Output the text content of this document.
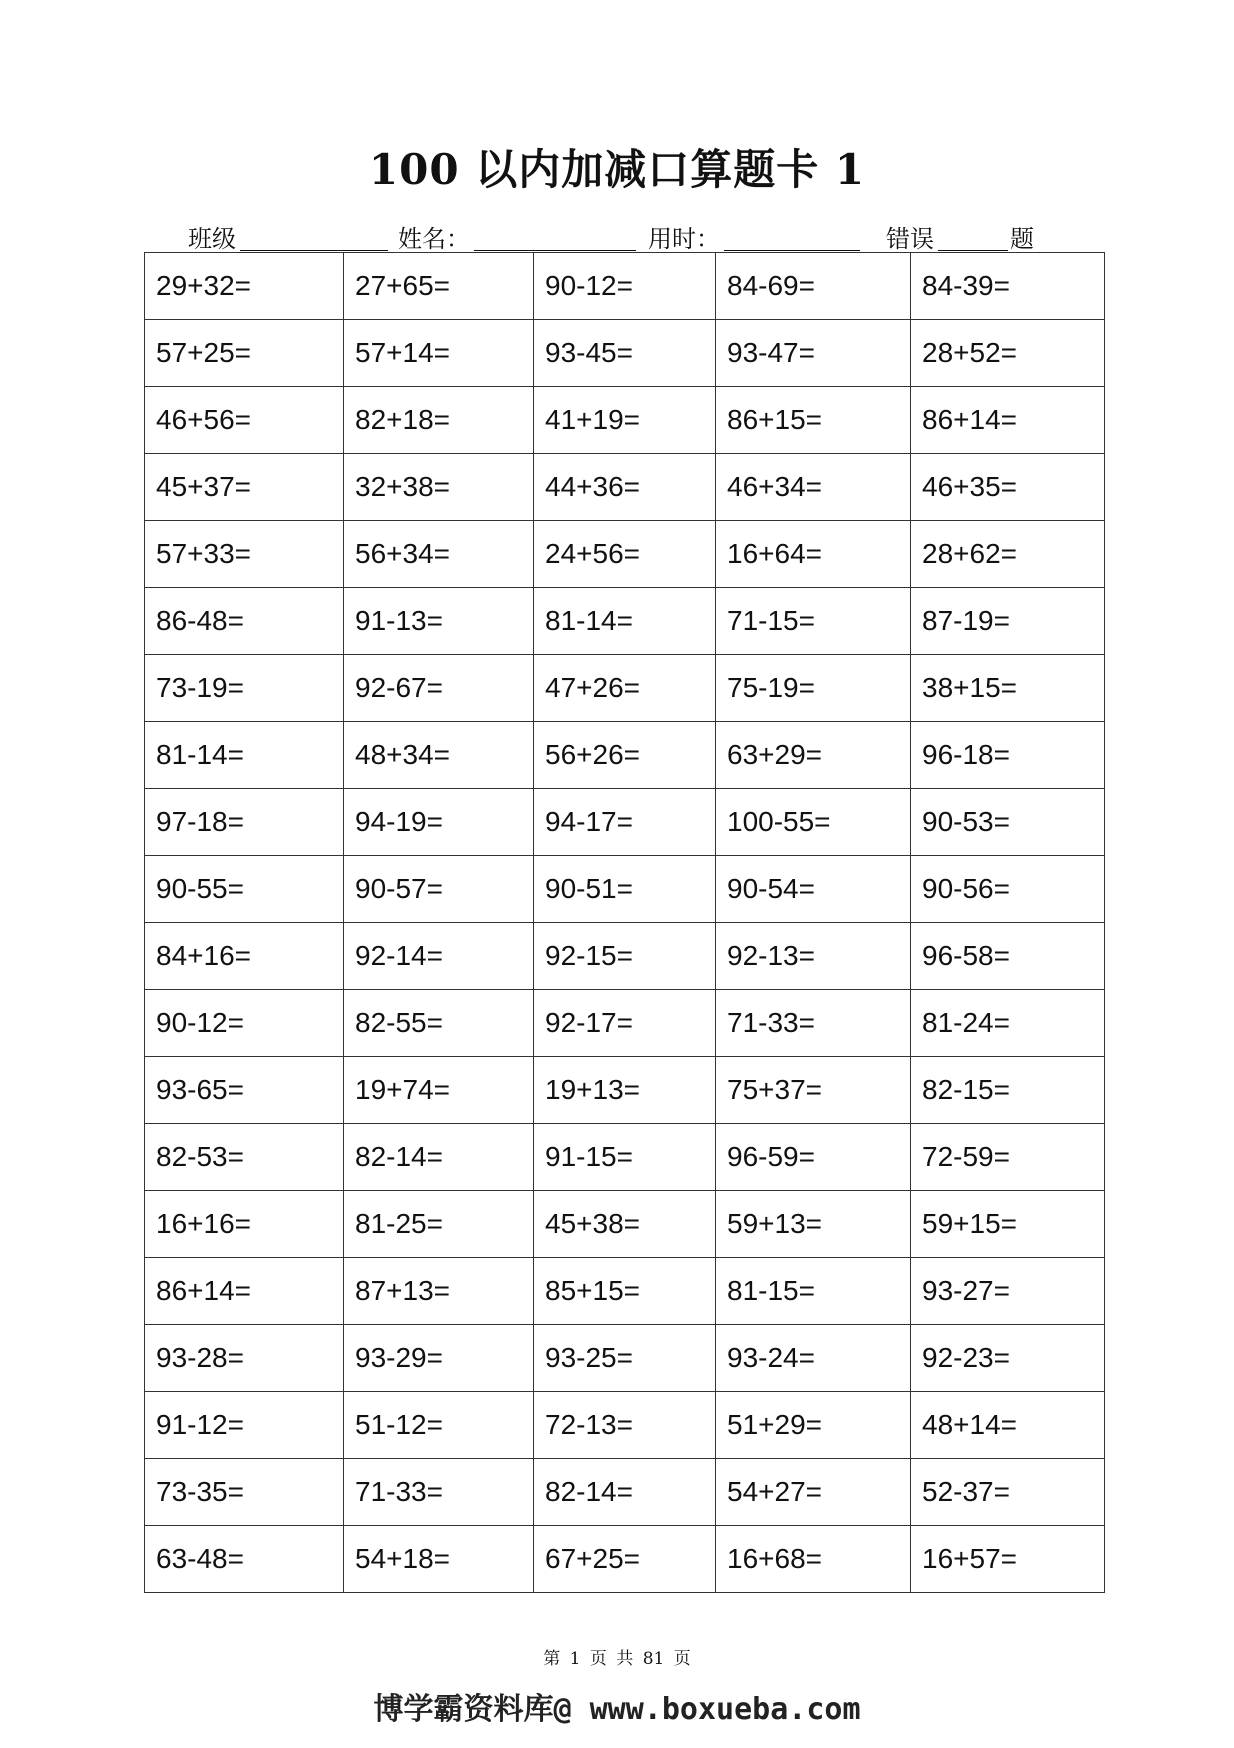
100 以内加减口算题卡 1
班级	姓名：	用时：	错误	题
29+32=	27+65=	90-12=	84-69=	84-39=
57+25=	57+14=	93-45=	93-47=	28+52=
46+56=	82+18=	41+19=	86+15=	86+14=
45+37=	32+38=	44+36=	46+34=	46+35=
57+33=	56+34=	24+56=	16+64=	28+62=
86-48=	91-13=	81-14=	71-15=	87-19=
73-19=	92-67=	47+26=	75-19=	38+15=
81-14=	48+34=	56+26=	63+29=	96-18=
97-18=	94-19=	94-17=	100-55=	90-53=
90-55=	90-57=	90-51=	90-54=	90-56=
84+16=	92-14=	92-15=	92-13=	96-58=
90-12=	82-55=	92-17=	71-33=	81-24=
93-65=	19+74=	19+13=	75+37=	82-15=
82-53=	82-14=	91-15=	96-59=	72-59=
16+16=	81-25=	45+38=	59+13=	59+15=
86+14=	87+13=	85+15=	81-15=	93-27=
93-28=	93-29=	93-25=	93-24=	92-23=
91-12=	51-12=	72-13=	51+29=	48+14=
73-35=	71-33=	82-14=	54+27=	52-37=
63-48=	54+18=	67+25=	16+68=	16+57=
第 1 页 共 81 页
博学霸资料库@ www.boxueba.com
